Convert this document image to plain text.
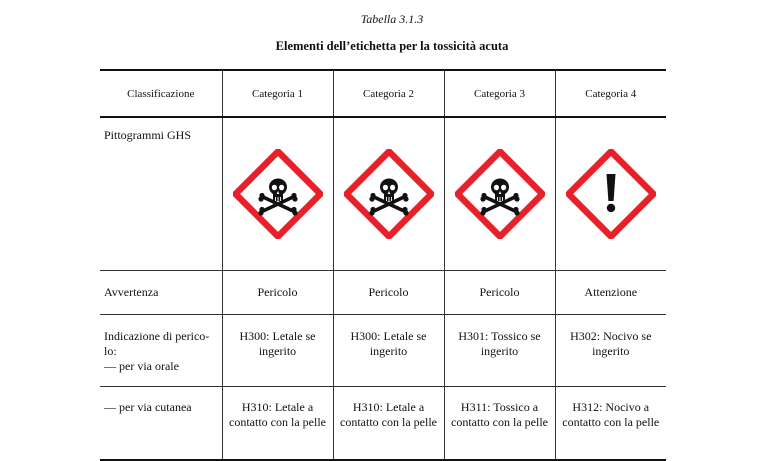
Tabella 3.1.3
Elementi dell’etichetta per la tossicità acuta
Classificazione	Categoria 1	Categoria 2	Categoria 3	Categoria 4
Pittogrammi GHS	

Avvertenza	Pericolo	Pericolo	Pericolo	Attenzione
Indicazione di perico-lo:
— per via orale	H300: Letale se ingerito	H300: Letale se ingerito	H301: Tossico se ingerito	H302: Nocivo se ingerito
— per via cutanea	H310: Letale a contatto con la pelle	H310: Letale a contatto con la pelle	H311: Tossico a contatto con la pelle	H312: Nocivo a contatto con la pelle
